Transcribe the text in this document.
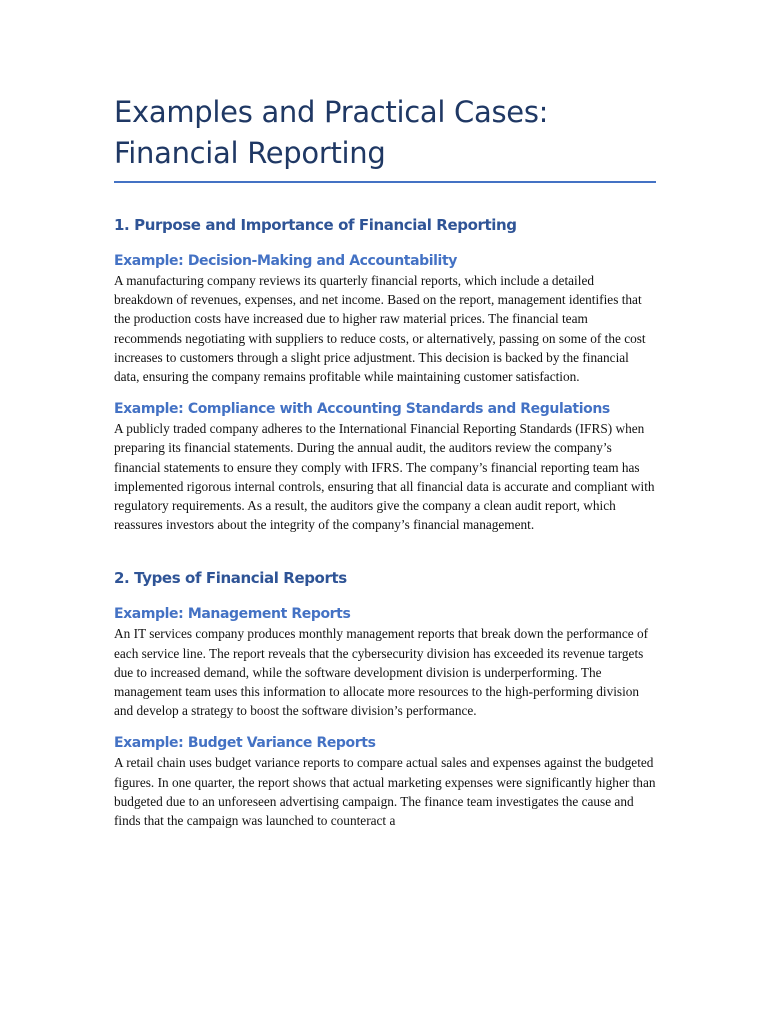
Examples and Practical Cases: Financial Reporting
1. Purpose and Importance of Financial Reporting
Example: Decision-Making and Accountability

A manufacturing company reviews its quarterly financial reports, which include a detailed breakdown of revenues, expenses, and net income. Based on the report, management identifies that the production costs have increased due to higher raw material prices. The financial team recommends negotiating with suppliers to reduce costs, or alternatively, passing on some of the cost increases to customers through a slight price adjustment. This decision is backed by the financial data, ensuring the company remains profitable while maintaining customer satisfaction.

Example: Compliance with Accounting Standards and Regulations

A publicly traded company adheres to the International Financial Reporting Standards (IFRS) when preparing its financial statements. During the annual audit, the auditors review the company’s financial statements to ensure they comply with IFRS. The company’s financial reporting team has implemented rigorous internal controls, ensuring that all financial data is accurate and compliant with regulatory requirements. As a result, the auditors give the company a clean audit report, which reassures investors about the integrity of the company’s financial management.

2. Types of Financial Reports
Example: Management Reports

An IT services company produces monthly management reports that break down the performance of each service line. The report reveals that the cybersecurity division has exceeded its revenue targets due to increased demand, while the software development division is underperforming. The management team uses this information to allocate more resources to the high-performing division and develop a strategy to boost the software division’s performance.

Example: Budget Variance Reports

A retail chain uses budget variance reports to compare actual sales and expenses against the budgeted figures. In one quarter, the report shows that actual marketing expenses were significantly higher than budgeted due to an unforeseen advertising campaign. The finance team investigates the cause and finds that the campaign was launched to counteract a
